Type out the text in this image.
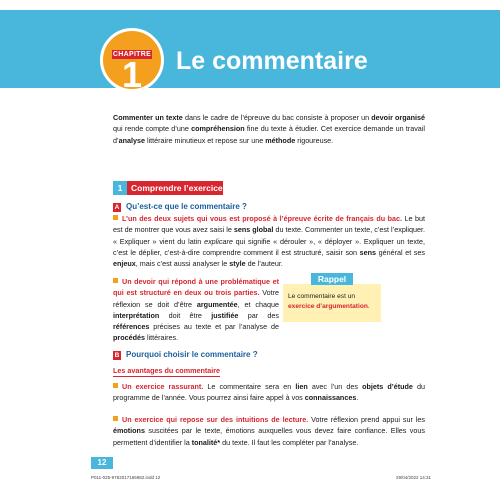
CHAPITRE
1	Le commentaire
Commenter un texte dans le cadre de l’épreuve du bac consiste à proposer un devoir organisé qui rende compte d’une compréhension fine du texte à étudier. Cet exercice demande un travail d’analyse littéraire minutieux et repose sur une méthode rigoureuse.
1	Comprendre l’exercice
A Qu’est-ce que le commentaire ?
L’un des deux sujets qui vous est proposé à l’épreuve écrite de français du bac. Le but est de montrer que vous avez saisi le sens global du texte. Commenter un texte, c’est l’expliquer. « Expliquer » vient du latin explicare qui signifie « dérouler », « déployer ». Expliquer un texte, c’est le déplier, c’est-à-dire comprendre comment il est structuré, saisir son sens général et ses enjeux, mais c’est aussi analyser le style de l’auteur.
Un devoir qui répond à une problématique et qui est structuré en deux ou trois parties. Votre réflexion se doit d’être argumentée, et chaque interprétation doit être justifiée par des références précises au texte et par l’analyse de procédés littéraires.
Rappel
Le commentaire est un exercice d’argumentation.
B Pourquoi choisir le commentaire ?
Les avantages du commentaire
Un exercice rassurant. Le commentaire sera en lien avec l’un des objets d’étude du programme de l’année. Vous pourrez ainsi faire appel à vos connaissances.
Un exercice qui repose sur des intuitions de lecture. Votre réflexion prend appui sur les émotions suscitées par le texte, émotions auxquelles vous devez faire confiance. Elles vous permettent d’identifier la tonalité* du texte. Il faut les compléter par l’analyse.
12
P011-025-9782017165982.indd 12	29/04/2022 14:31
